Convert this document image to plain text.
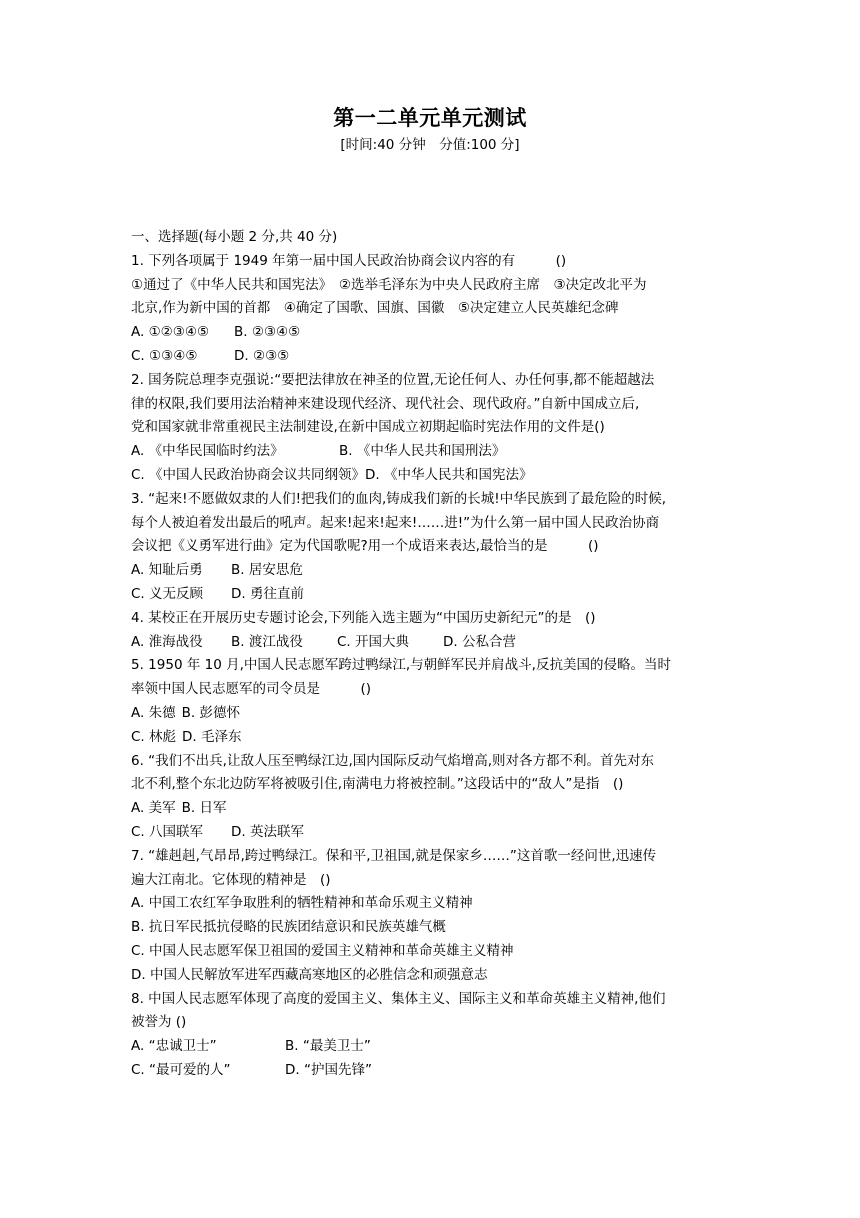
第一二单元单元测试
[时间:40 分钟　分值:100 分]
一、选择题(每小题 2 分,共 40 分)
1. 下列各项属于 1949 年第一届中国人民政治协商会议内容的有　　　()
①通过了《中华人民共和国宪法》　②选举毛泽东为中央人民政府主席　③决定改北平为
北京,作为新中国的首都　④确定了国歌、国旗、国徽　⑤决定建立人民英雄纪念碑
A. ①②③④⑤ B. ②③④⑤
C. ①③④⑤	D. ②③⑤
2. 国务院总理李克强说:“要把法律放在神圣的位置,无论任何人、办任何事,都不能超越法
律的权限,我们要用法治精神来建设现代经济、现代社会、现代政府。”自新中国成立后,
党和国家就非常重视民主法制建设,在新中国成立初期起临时宪法作用的文件是()
A. 《中华民国临时约法》	B. 《中华人民共和国刑法》
C. 《中国人民政治协商会议共同纲领》D. 《中华人民共和国宪法》
3. “起来!不愿做奴隶的人们!把我们的血肉,铸成我们新的长城!中华民族到了最危险的时候,
每个人被迫着发出最后的吼声。起来!起来!起来!……进!”为什么第一届中国人民政治协商
会议把《义勇军进行曲》定为代国歌呢?用一个成语来表达,最恰当的是　　　()
A. 知耻后勇 B. 居安思危
C. 义无反顾 D. 勇往直前
4. 某校正在开展历史专题讨论会,下列能入选主题为“中国历史新纪元”的是　()
A. 淮海战役 B. 渡江战役	C. 开国大典	D. 公私合营
5. 1950 年 10 月,中国人民志愿军跨过鸭绿江,与朝鲜军民并肩战斗,反抗美国的侵略。当时
率领中国人民志愿军的司令员是　　　()
A. 朱德 B. 彭德怀
C. 林彪 D. 毛泽东
6. “我们不出兵,让敌人压至鸭绿江边,国内国际反动气焰增高,则对各方都不利。首先对东
北不利,整个东北边防军将被吸引住,南满电力将被控制。”这段话中的“敌人”是指　()
A. 美军 B. 日军
C. 八国联军 D. 英法联军
7. “雄赳赳,气昂昂,跨过鸭绿江。保和平,卫祖国,就是保家乡……”这首歌一经问世,迅速传
遍大江南北。它体现的精神是　()
A. 中国工农红军争取胜利的牺牲精神和革命乐观主义精神
B. 抗日军民抵抗侵略的民族团结意识和民族英雄气概
C. 中国人民志愿军保卫祖国的爱国主义精神和革命英雄主义精神
D. 中国人民解放军进军西藏高寒地区的必胜信念和顽强意志
8. 中国人民志愿军体现了高度的爱国主义、集体主义、国际主义和革命英雄主义精神,他们
被誉为 ()
A. “忠诚卫士”	B. “最美卫士”
C. “最可爱的人”	D. “护国先锋”
